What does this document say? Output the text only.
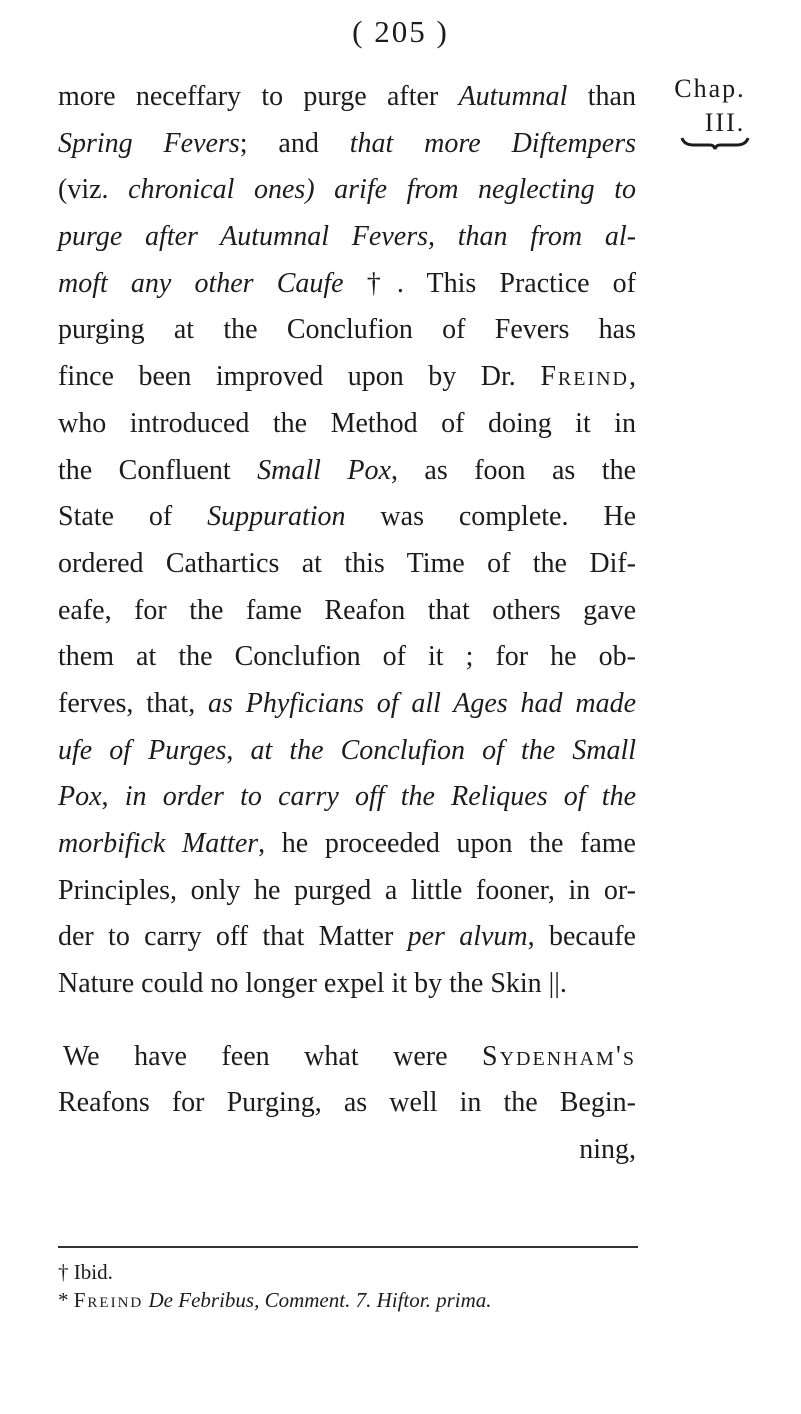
( 205 )
Chap.
III.
more neceffary to purge after Autumnal than
Spring Fevers; and that more Diftempers
(viz. chronical ones) arife from neglecting to
purge after Autumnal Fevers, than from al-
moft any other Caufe †. This Practice of
purging at the Conclufion of Fevers has
fince been improved upon by Dr. Freind,
who introduced the Method of doing it in
the Confluent Small Pox, as foon as the
State of Suppuration was complete. He
ordered Cathartics at this Time of the Dif-
eafe, for the fame Reafon that others gave
them at the Conclufion of it ; for he ob-
ferves, that, as Phyficians of all Ages had made
ufe of Purges, at the Conclufion of the Small
Pox, in order to carry off the Reliques of the
morbifick Matter, he proceeded upon the fame
Principles, only he purged a little fooner, in or-
der to carry off that Matter per alvum, becaufe
Nature could no longer expel it by the Skin ||.
We have feen what were Sydenham's
Reafons for Purging, as well in the Begin-
ning,
† Ibid.
* Freind De Febribus, Comment. 7. Hiftor. prima.
